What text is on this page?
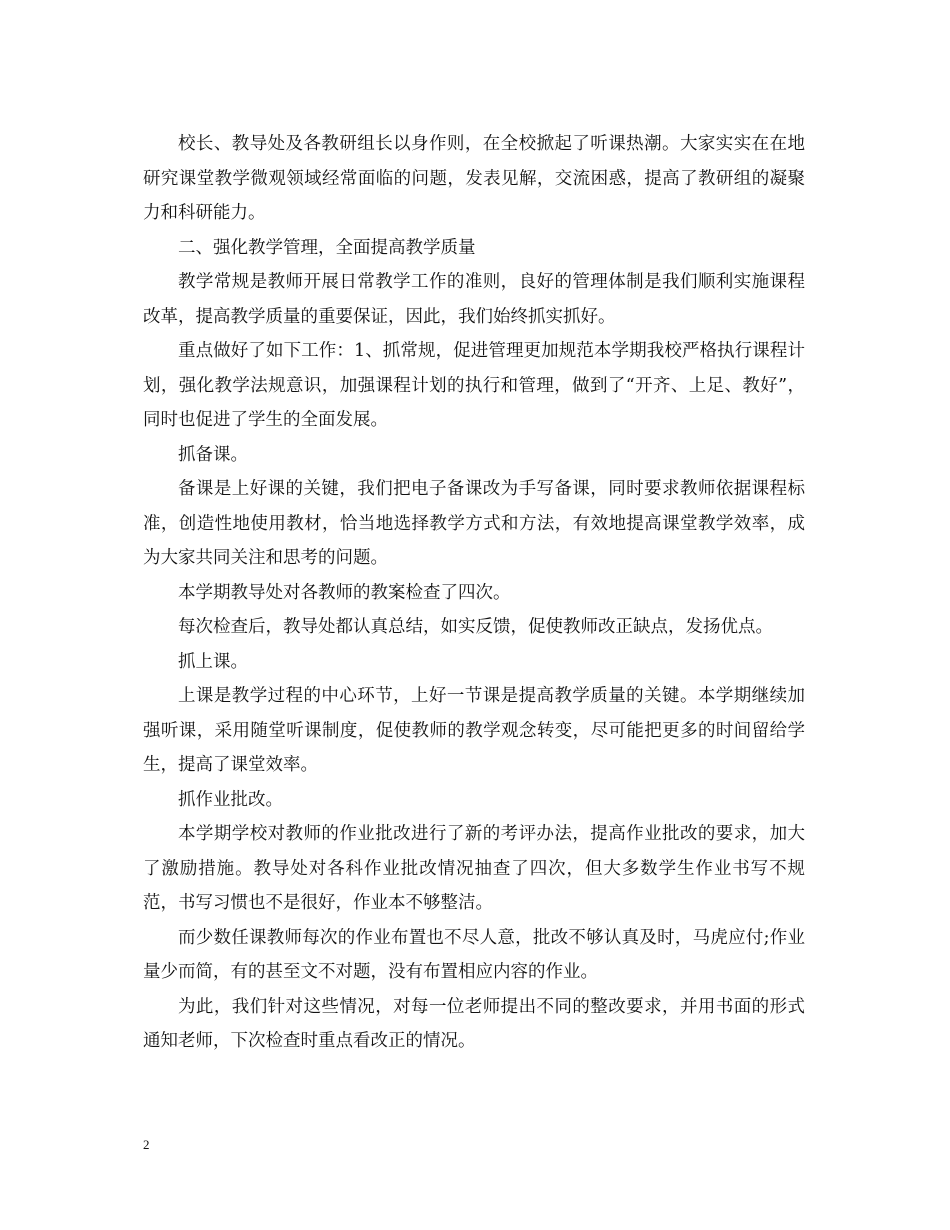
校长、教导处及各教研组长以身作则，在全校掀起了听课热潮。大家实实在在地研究课堂教学微观领域经常面临的问题，发表见解，交流困惑，提高了教研组的凝聚力和科研能力。

二、强化教学管理，全面提高教学质量

教学常规是教师开展日常教学工作的准则，良好的管理体制是我们顺利实施课程改革，提高教学质量的重要保证，因此，我们始终抓实抓好。

重点做好了如下工作：1、抓常规，促进管理更加规范本学期我校严格执行课程计划，强化教学法规意识，加强课程计划的执行和管理，做到了“开齐、上足、教好”，同时也促进了学生的全面发展。

抓备课。

备课是上好课的关键，我们把电子备课改为手写备课，同时要求教师依据课程标准，创造性地使用教材，恰当地选择教学方式和方法，有效地提高课堂教学效率，成为大家共同关注和思考的问题。

本学期教导处对各教师的教案检查了四次。

每次检查后，教导处都认真总结，如实反馈，促使教师改正缺点，发扬优点。

抓上课。

上课是教学过程的中心环节，上好一节课是提高教学质量的关键。本学期继续加强听课，采用随堂听课制度，促使教师的教学观念转变，尽可能把更多的时间留给学生，提高了课堂效率。

抓作业批改。

本学期学校对教师的作业批改进行了新的考评办法，提高作业批改的要求，加大了激励措施。教导处对各科作业批改情况抽查了四次，但大多数学生作业书写不规范，书写习惯也不是很好，作业本不够整洁。

而少数任课教师每次的作业布置也不尽人意，批改不够认真及时，马虎应付;作业量少而简，有的甚至文不对题，没有布置相应内容的作业。

为此，我们针对这些情况，对每一位老师提出不同的整改要求，并用书面的形式通知老师，下次检查时重点看改正的情况。

2
